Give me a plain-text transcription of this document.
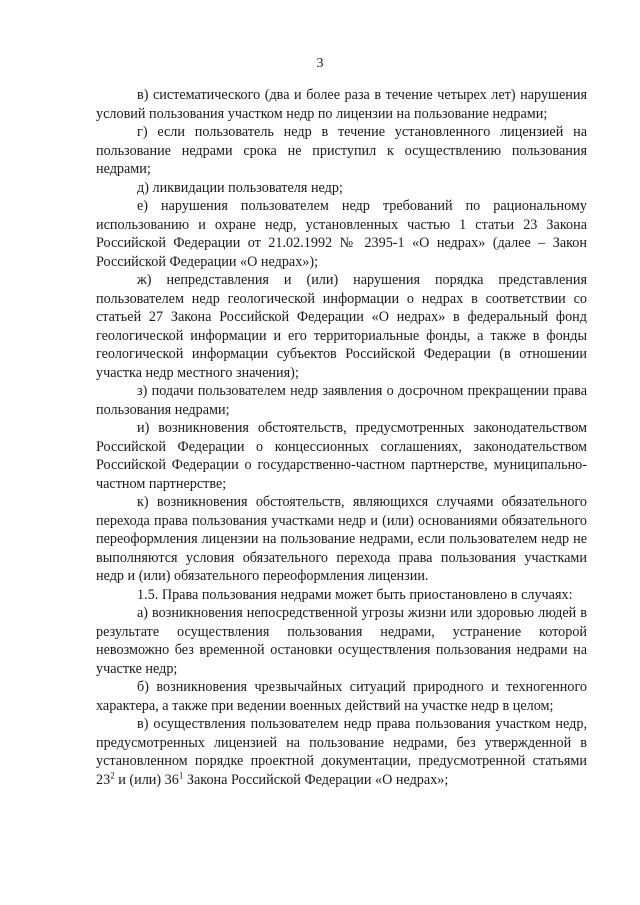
3

в) систематического (два и более раза в течение четырех лет) нарушения условий пользования участком недр по лицензии на пользование недрами;

г) если пользователь недр в течение установленного лицензией на пользование недрами срока не приступил к осуществлению пользования недрами;

д) ликвидации пользователя недр;

е) нарушения пользователем недр требований по рациональному использованию и охране недр, установленных частью 1 статьи 23 Закона Российской Федерации от 21.02.1992 № 2395-1 «О недрах» (далее – Закон Российской Федерации «О недрах»);

ж) непредставления и (или) нарушения порядка представления пользователем недр геологической информации о недрах в соответствии со статьей 27 Закона Российской Федерации «О недрах» в федеральный фонд геологической информации и его территориальные фонды, а также в фонды геологической информации субъектов Российской Федерации (в отношении участка недр местного значения);

з) подачи пользователем недр заявления о досрочном прекращении права пользования недрами;

и) возникновения обстоятельств, предусмотренных законодательством Российской Федерации о концессионных соглашениях, законодательством Российской Федерации о государственно-частном партнерстве, муниципально-частном партнерстве;

к) возникновения обстоятельств, являющихся случаями обязательного перехода права пользования участками недр и (или) основаниями обязательного переоформления лицензии на пользование недрами, если пользователем недр не выполняются условия обязательного перехода права пользования участками недр и (или) обязательного переоформления лицензии.

1.5. Права пользования недрами может быть приостановлено в случаях:

а) возникновения непосредственной угрозы жизни или здоровью людей в результате осуществления пользования недрами, устранение которой невозможно без временной остановки осуществления пользования недрами на участке недр;

б) возникновения чрезвычайных ситуаций природного и техногенного характера, а также при ведении военных действий на участке недр в целом;

в) осуществления пользователем недр права пользования участком недр, предусмотренных лицензией на пользование недрами, без утвержденной в установленном порядке проектной документации, предусмотренной статьями $23^2$ и (или) $36^1$ Закона Российской Федерации «О недрах»;
